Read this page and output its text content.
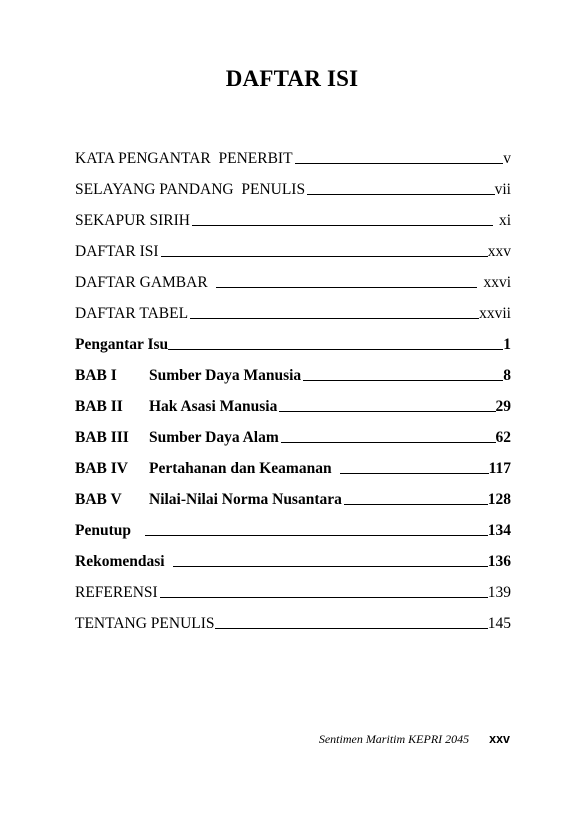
DAFTAR ISI
KATA PENGANTAR  PENERBIT	v
SELAYANG PANDANG  PENULIS	vii
SEKAPUR SIRIH	xi
DAFTAR ISI	xxv
DAFTAR GAMBAR	xxvi
DAFTAR TABEL	xxvii
Pengantar Isu	1
BAB I	Sumber Daya Manusia	8
BAB II	Hak Asasi Manusia	29
BAB III	Sumber Daya Alam	62
BAB IV	Pertahanan dan Keamanan	117
BAB V	Nilai-Nilai Norma Nusantara	128
Penutup	134
Rekomendasi	136
REFERENSI	139
TENTANG PENULIS	145
Sentimen Maritim KEPRI 2045 xxv
